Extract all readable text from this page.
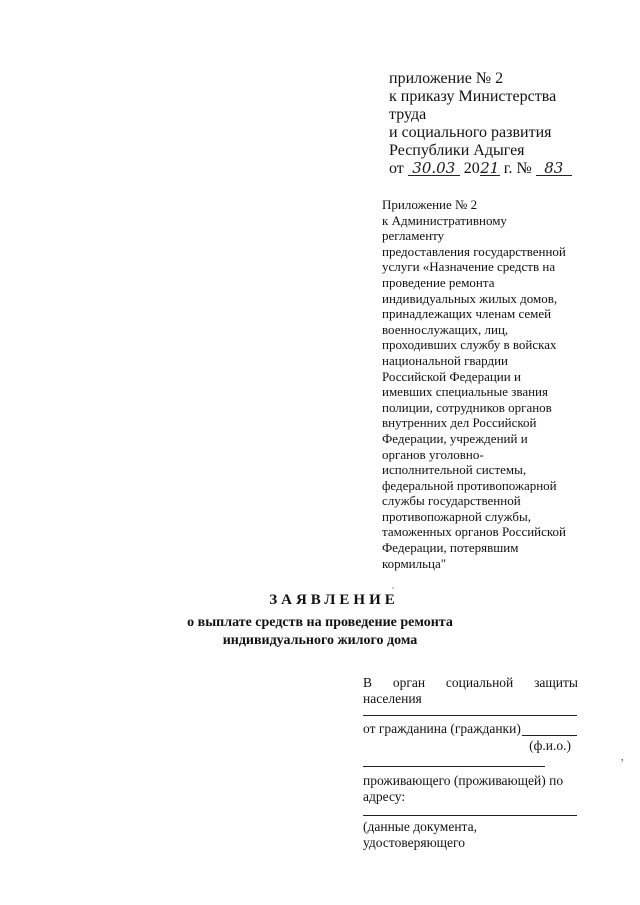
приложение № 2
к приказу Министерства
труда
и социального развития
Республики Адыгея
от 30.03 2021 г. № 83
Приложение № 2
к Административному
регламенту
предоставления государственной
услуги «Назначение средств на
проведение ремонта
индивидуальных жилых домов,
принадлежащих членам семей
военнослужащих, лиц,
проходивших службу в войсках
национальной гвардии
Российской Федерации и
имевших специальные звания
полиции, сотрудников органов
внутренних дел Российской
Федерации, учреждений и
органов уголовно-
исполнительной системы,
федеральной противопожарной
службы государственной
противопожарной службы,
таможенных органов Российской
Федерации, потерявшим
кормильца"
ЗАЯВЛЕНИЕ
о выплате средств на проведение ремонта
индивидуального жилого дома
В орган социальной защиты
населения
от гражданина (гражданки)
(ф.и.о.)
,
проживающего (проживающей) по
адресу:
(данные документа, удостоверяющего
